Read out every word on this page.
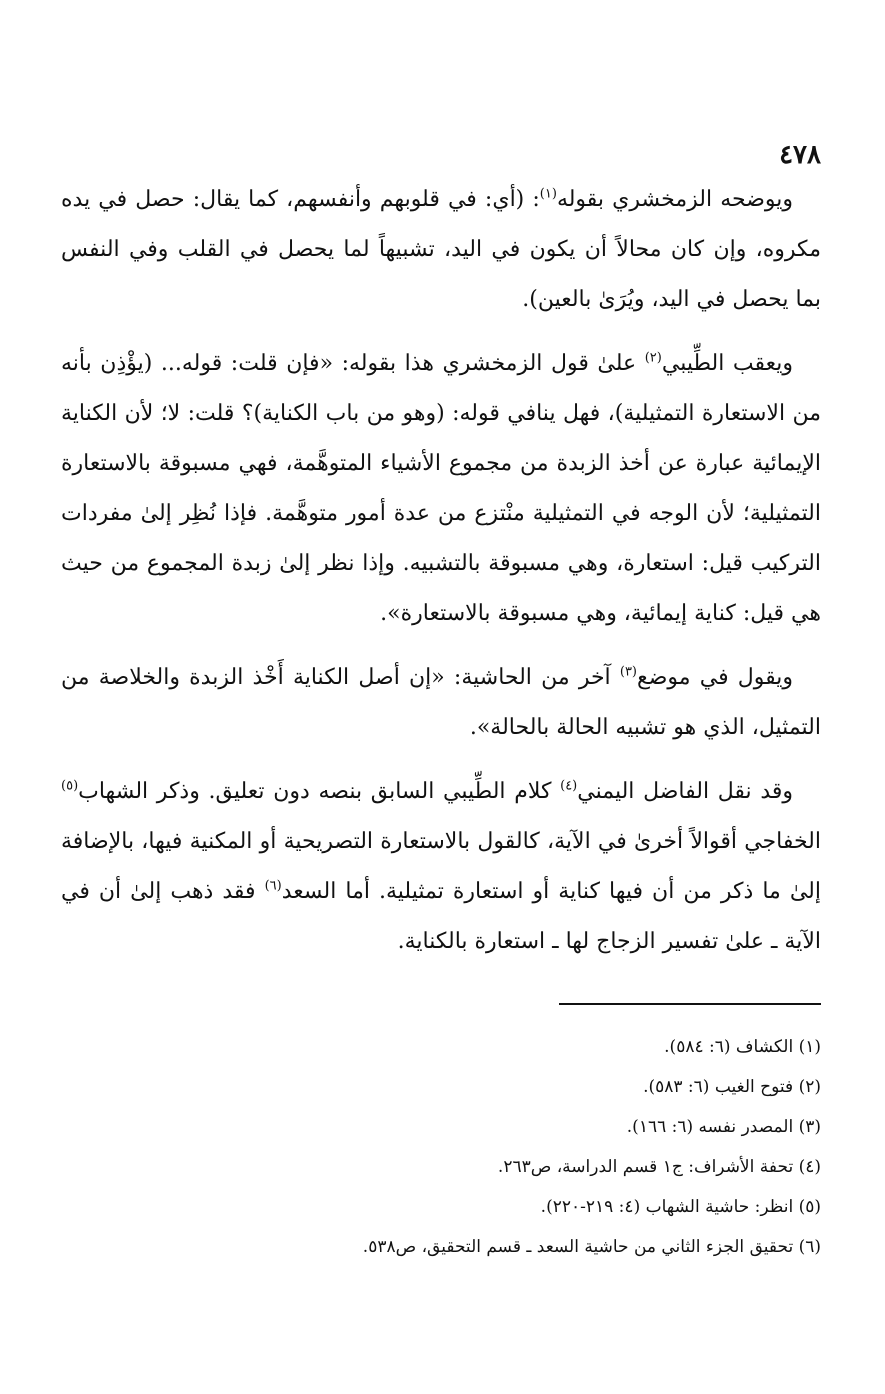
٤٧٨

ويوضحه الزمخشري بقوله$^{(١)}$: (أي: في قلوبهم وأنفسهم، كما يقال: حصل في يده مكروه، وإن كان محالاً أن يكون في اليد، تشبيهاً لما يحصل في القلب وفي النفس بما يحصل في اليد، ويُرَىٰ بالعين).

ويعقب الطِّيبي$^{(٢)}$ علىٰ قول الزمخشري هذا بقوله: «فإن قلت: قوله... (يؤْذِن بأنه من الاستعارة التمثيلية)، فهل ينافي قوله: (وهو من باب الكناية)؟ قلت: لا؛ لأن الكناية الإيمائية عبارة عن أخذ الزبدة من مجموع الأشياء المتوهَّمة، فهي مسبوقة بالاستعارة التمثيلية؛ لأن الوجه في التمثيلية منْتزع من عدة أمور متوهَّمة. فإذا نُظِر إلىٰ مفردات التركيب قيل: استعارة، وهي مسبوقة بالتشبيه. وإذا نظر إلىٰ زبدة المجموع من حيث هي قيل: كناية إيمائية، وهي مسبوقة بالاستعارة».

ويقول في موضع$^{(٣)}$ آخر من الحاشية: «إن أصل الكناية أَخْذ الزبدة والخلاصة من التمثيل، الذي هو تشبيه الحالة بالحالة».

وقد نقل الفاضل اليمني$^{(٤)}$ كلام الطِّيبي السابق بنصه دون تعليق. وذكر الشهاب$^{(٥)}$ الخفاجي أقوالاً أخرىٰ في الآية، كالقول بالاستعارة التصريحية أو المكنية فيها، بالإضافة إلىٰ ما ذكر من أن فيها كناية أو استعارة تمثيلية. أما السعد$^{(٦)}$ فقد ذهب إلىٰ أن في الآية ـ علىٰ تفسير الزجاج لها ـ استعارة بالكناية.

(١) الكشاف (٦: ٥٨٤).

(٢) فتوح الغيب (٦: ٥٨٣).

(٣) المصدر نفسه (٦: ١٦٦).

(٤) تحفة الأشراف: ج١ قسم الدراسة، ص٢٦٣.

(٥) انظر: حاشية الشهاب (٤: ٢١٩-٢٢٠).

(٦) تحقيق الجزء الثاني من حاشية السعد ـ قسم التحقيق، ص٥٣٨.
